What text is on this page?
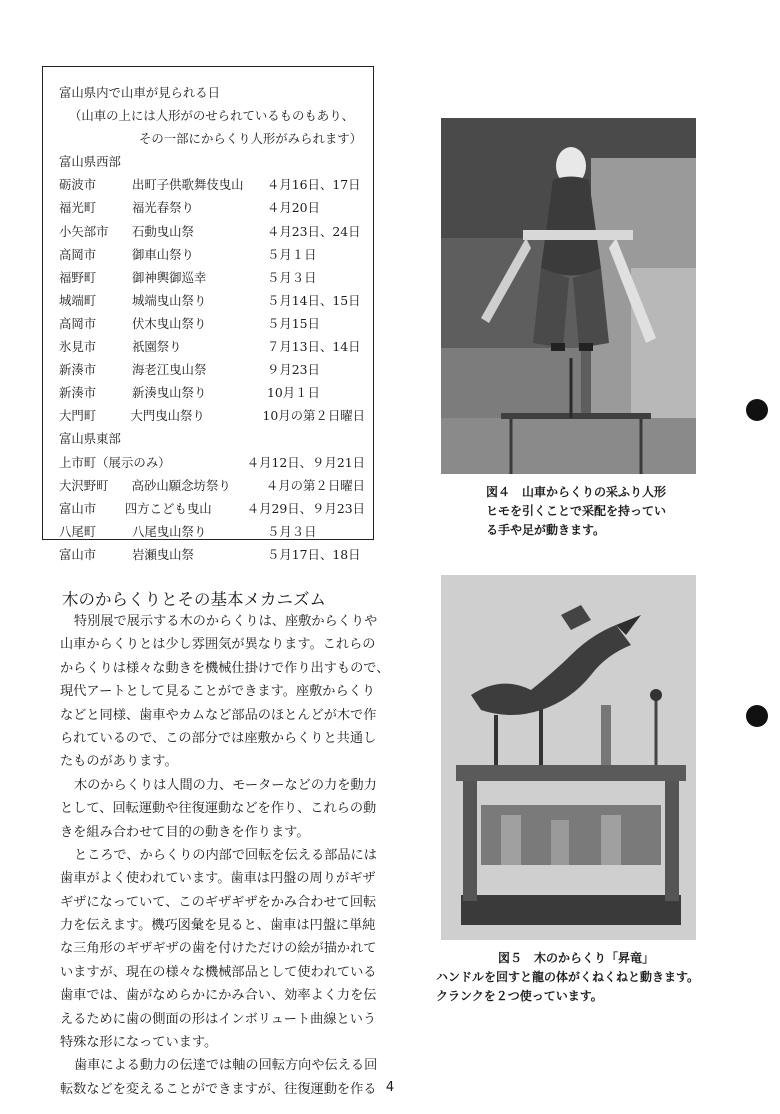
富山県内で山車が見られる日
（山車の上には人形がのせられているものもあり、
その一部にからくり人形がみられます）
富山県西部
砺波市	出町子供歌舞伎曳山	４月16日、17日
福光町	福光春祭り	４月20日
小矢部市	石動曳山祭	４月23日、24日
高岡市	御車山祭り	５月１日
福野町	御神輿御巡幸	５月３日
城端町	城端曳山祭り	５月14日、15日
高岡市	伏木曳山祭り	５月15日
氷見市	祇園祭り	７月13日、14日
新湊市	海老江曳山祭	９月23日
新湊市	新湊曳山祭り	10月１日
大門町	大門曳山祭り	10月の第２日曜日
富山県東部
上市町（展示のみ）	４月12日、９月21日
大沢野町	高砂山願念坊祭り	４月の第２日曜日
富山市	四方こども曳山	４月29日、９月23日
八尾町	八尾曳山祭り	５月３日
富山市	岩瀬曳山祭	５月17日、18日
図４　山車からくりの采ふり人形
ヒモを引くことで采配を持ってい
る手や足が動きます。
図５　木のからくり「昇竜」
ハンドルを回すと龍の体がくねくねと動きます。
クランクを２つ使っています。
木のからくりとその基本メカニズム
特別展で展示する木のからくりは、座敷からくりや
山車からくりとは少し雰囲気が異なります。これらの
からくりは様々な動きを機械仕掛けで作り出すもので、
現代アートとして見ることができます。座敷からくり
などと同様、歯車やカムなど部品のほとんどが木で作
られているので、この部分では座敷からくりと共通し
たものがあります。
木のからくりは人間の力、モーターなどの力を動力
として、回転運動や往復運動などを作り、これらの動
きを組み合わせて目的の動きを作ります。
ところで、からくりの内部で回転を伝える部品には
歯車がよく使われています。歯車は円盤の周りがギザ
ギザになっていて、このギザギザをかみ合わせて回転
力を伝えます。機巧図彙を見ると、歯車は円盤に単純
な三角形のギザギザの歯を付けただけの絵が描かれて
いますが、現在の様々な機械部品として使われている
歯車では、歯がなめらかにかみ合い、効率よく力を伝
えるために歯の側面の形はインボリュート曲線という
特殊な形になっています。
歯車による動力の伝達では軸の回転方向や伝える回
転数などを変えることができますが、往復運動を作る 4
